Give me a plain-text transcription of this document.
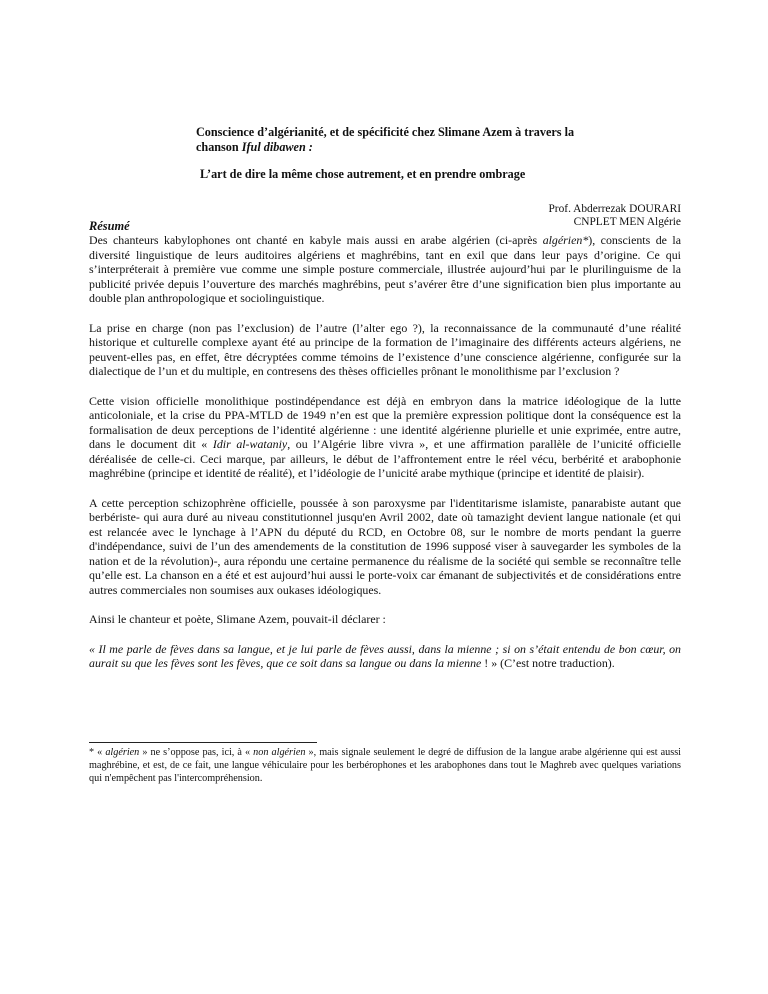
Conscience d’algérianité, et de spécificité chez Slimane Azem à travers la
chanson Iful dibawen :
L’art de dire la même chose autrement, et en prendre ombrage
Prof. Abderrezak DOURARI
CNPLET MEN Algérie
Résumé

Des chanteurs kabylophones ont chanté en kabyle mais aussi en arabe algérien (ci-après algérien*), conscients de la diversité linguistique de leurs auditoires algériens et maghrébins, tant en exil que dans leur pays d’origine. Ce qui s’interpréterait à première vue comme une simple posture commerciale, illustrée aujourd’hui par le plurilinguisme de la publicité privée depuis l’ouverture des marchés maghrébins, peut s’avérer être d’une signification bien plus importante au double plan anthropologique et sociolinguistique.

La prise en charge (non pas l’exclusion) de l’autre (l’alter ego ?), la reconnaissance de la communauté d’une réalité historique et culturelle complexe ayant été au principe de la formation de l’imaginaire des différents acteurs algériens, ne peuvent-elles pas, en effet, être décryptées comme témoins de l’existence d’une conscience algérienne, configurée sur la dialectique de l’un et du multiple, en contresens des thèses officielles prônant le monolithisme par l’exclusion ?

Cette vision officielle monolithique postindépendance est déjà en embryon dans la matrice idéologique de la lutte anticoloniale, et la crise du PPA-MTLD de 1949 n’en est que la première expression politique dont la conséquence est la formalisation de deux perceptions de l’identité algérienne : une identité algérienne plurielle et unie exprimée, entre autre, dans le document dit « Idir al-wataniy, ou l’Algérie libre vivra », et une affirmation parallèle de l’unicité officielle déréalisée de celle-ci. Ceci marque, par ailleurs, le début de l’affrontement entre le réel vécu, berbérité et arabophonie maghrébine (principe et identité de réalité), et l’idéologie de l’unicité arabe mythique (principe et identité de plaisir).

A cette perception schizophrène officielle, poussée à son paroxysme par l'identitarisme islamiste, panarabiste autant que berbériste- qui aura duré au niveau constitutionnel jusqu'en Avril 2002, date où tamazight devient langue nationale (et qui est relancée avec le lynchage à l’APN du député du RCD, en Octobre 08, sur le nombre de morts pendant la guerre d'indépendance, suivi de l’un des amendements de la constitution de 1996 supposé viser à sauvegarder les symboles de la nation et de la révolution)-, aura répondu une certaine permanence du réalisme de la société qui semble se reconnaître telle qu’elle est. La chanson en a été et est aujourd’hui aussi le porte-voix car émanant de subjectivités et de considérations entre autres commerciales non soumises aux oukases idéologiques.

Ainsi le chanteur et poète, Slimane Azem, pouvait-il déclarer :

« Il me parle de fèves dans sa langue, et je lui parle de fèves aussi, dans la mienne ; si on s’était entendu de bon cœur, on aurait su que les fèves sont les fèves, que ce soit dans sa langue ou dans la mienne ! » (C’est notre traduction).

* « algérien » ne s’oppose pas, ici, à « non algérien », mais signale seulement le degré de diffusion de la langue arabe algérienne qui est aussi maghrébine, et est, de ce fait, une langue véhiculaire pour les berbérophones et les arabophones dans tout le Maghreb avec quelques variations qui n'empêchent pas l'intercompréhension.
